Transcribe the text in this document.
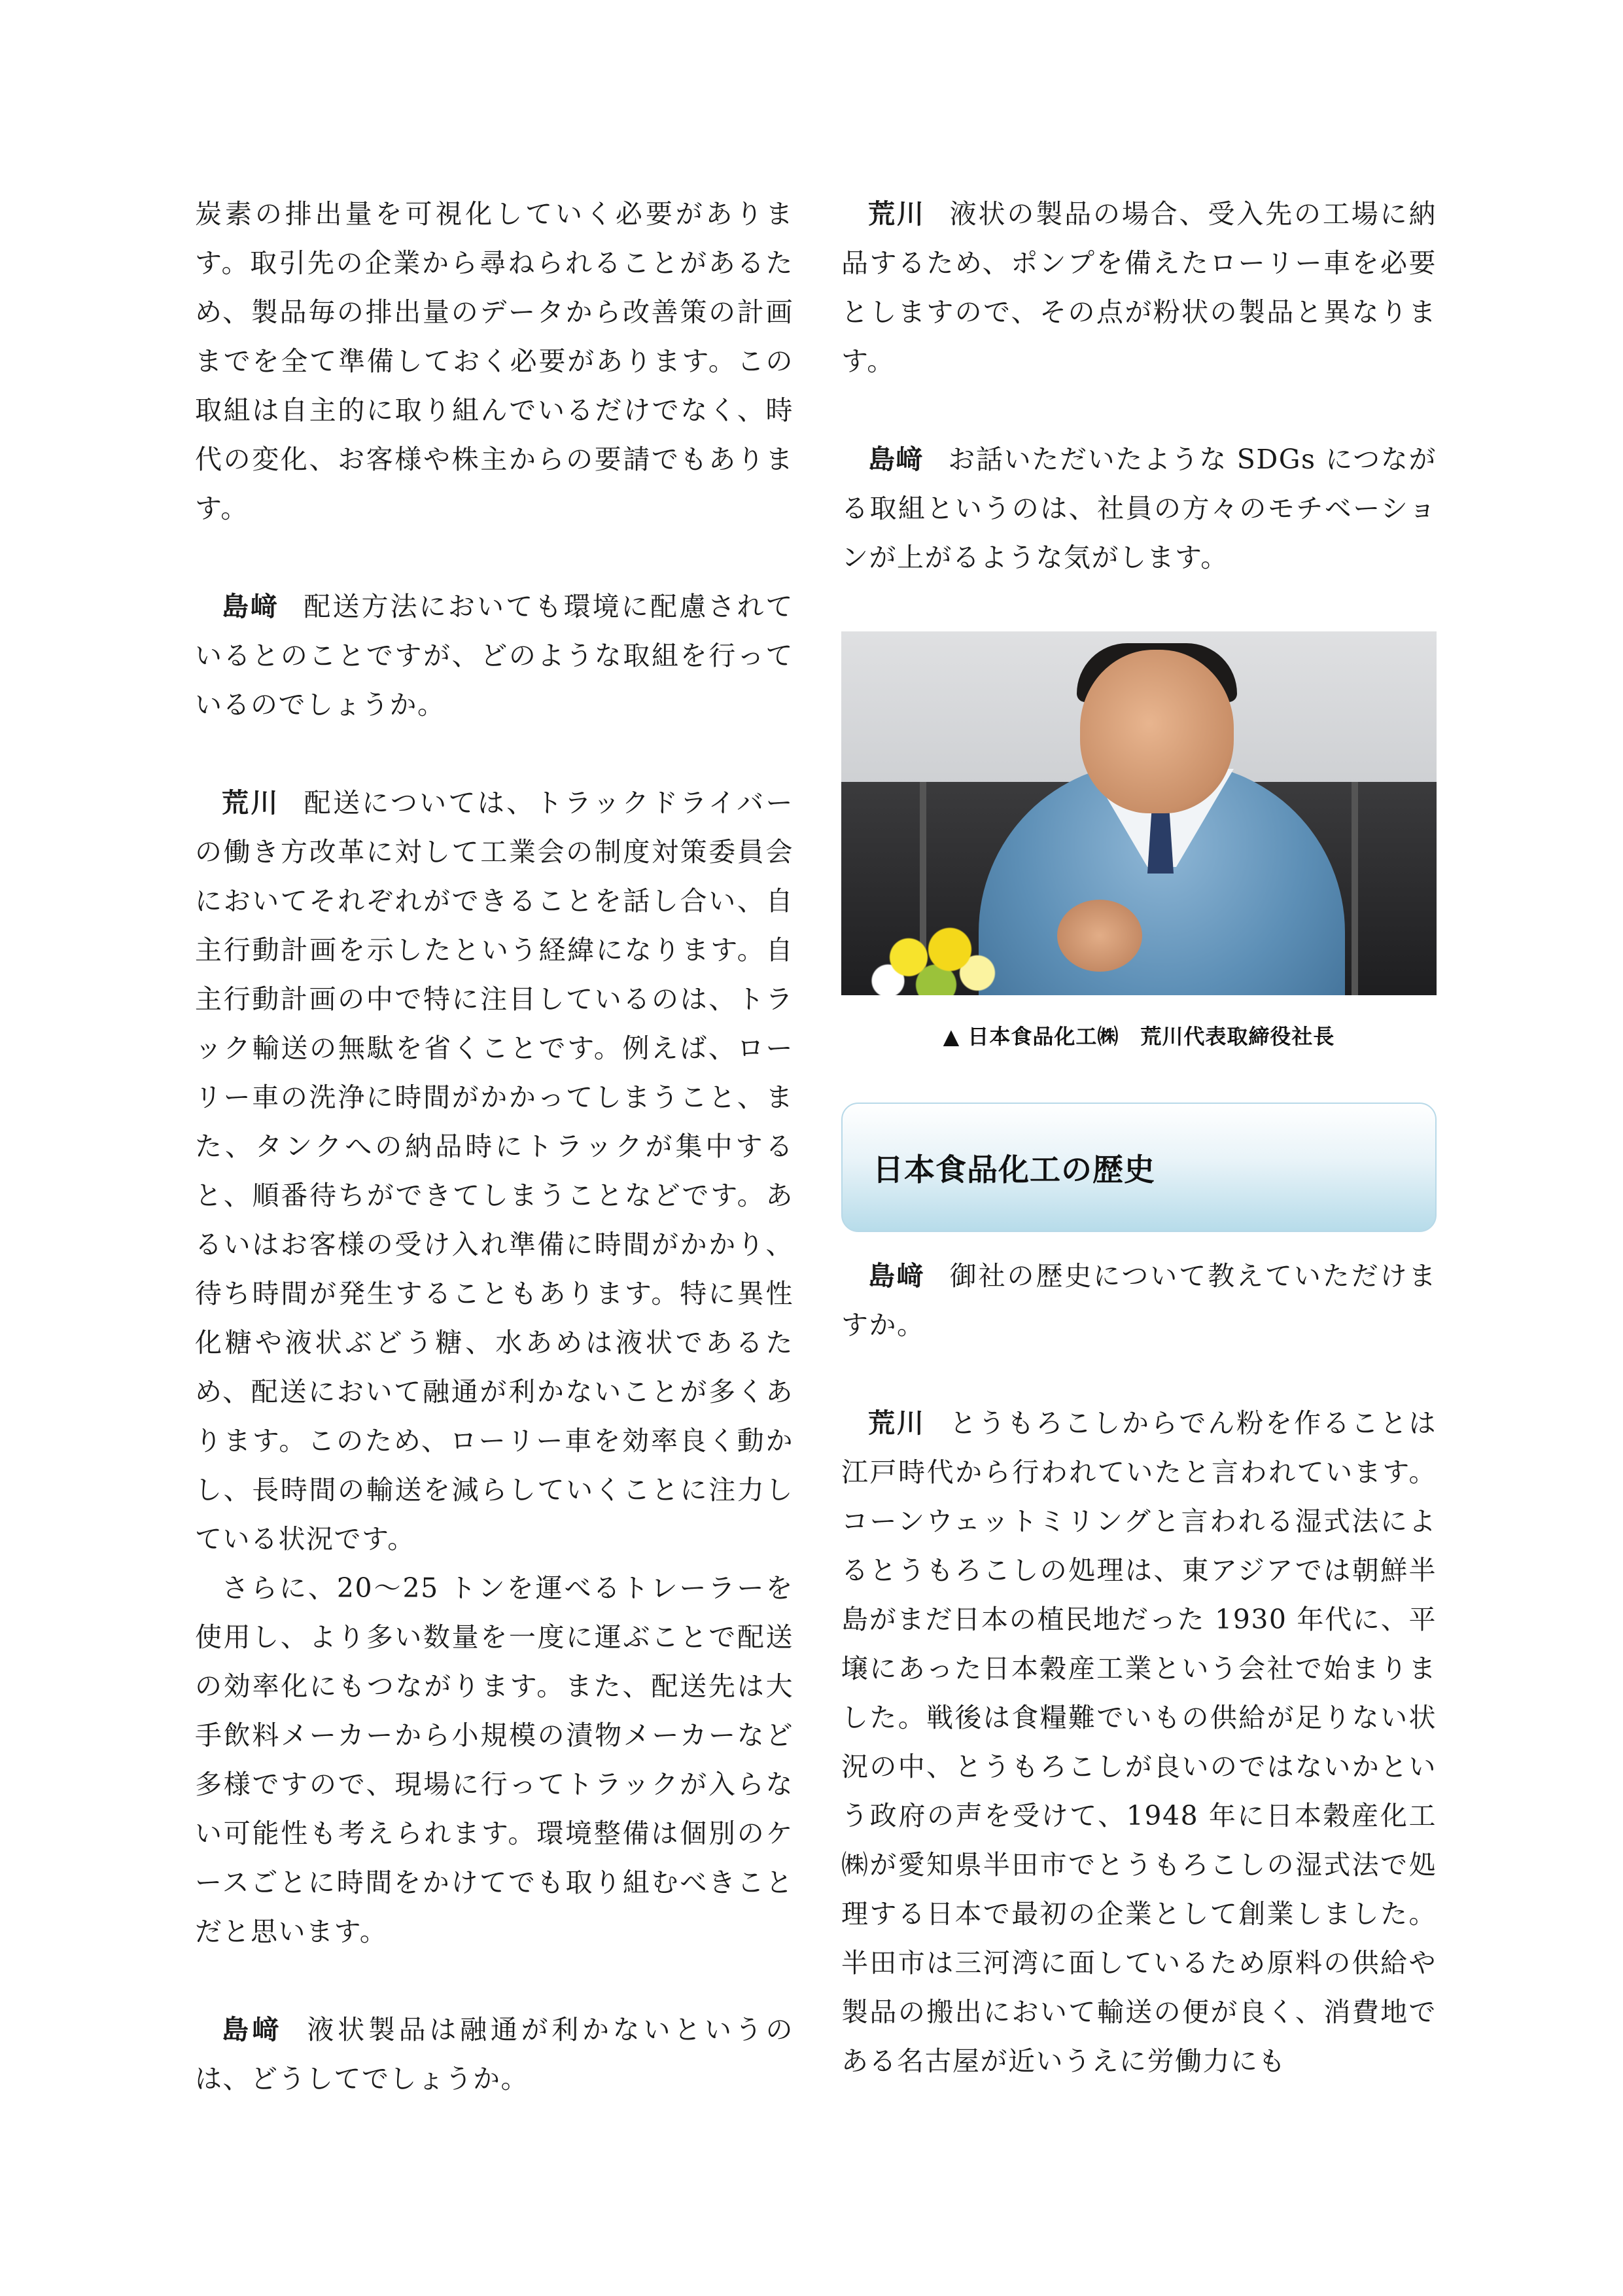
炭素の排出量を可視化していく必要があります。取引先の企業から尋ねられることがあるため、製品毎の排出量のデータから改善策の計画までを全て準備しておく必要があります。この取組は自主的に取り組んでいるだけでなく、時代の変化、お客様や株主からの要請でもあります。

島﨑 配送方法においても環境に配慮されているとのことですが、どのような取組を行っているのでしょうか。

荒川 配送については、トラックドライバーの働き方改革に対して工業会の制度対策委員会においてそれぞれができることを話し合い、自主行動計画を示したという経緯になります。自主行動計画の中で特に注目しているのは、トラック輸送の無駄を省くことです。例えば、ローリー車の洗浄に時間がかかってしまうこと、また、タンクへの納品時にトラックが集中すると、順番待ちができてしまうことなどです。あるいはお客様の受け入れ準備に時間がかかり、待ち時間が発生することもあります。特に異性化糖や液状ぶどう糖、水あめは液状であるため、配送において融通が利かないことが多くあります。このため、ローリー車を効率良く動かし、長時間の輸送を減らしていくことに注力している状況です。

さらに、20〜25 トンを運べるトレーラーを使用し、より多い数量を一度に運ぶことで配送の効率化にもつながります。また、配送先は大手飲料メーカーから小規模の漬物メーカーなど多様ですので、現場に行ってトラックが入らない可能性も考えられます。環境整備は個別のケースごとに時間をかけてでも取り組むべきことだと思います。

島﨑 液状製品は融通が利かないというのは、どうしてでしょうか。

荒川 液状の製品の場合、受入先の工場に納品するため、ポンプを備えたローリー車を必要としますので、その点が粉状の製品と異なります。

島﨑 お話いただいたような SDGs につながる取組というのは、社員の方々のモチベーションが上がるような気がします。

▲ 日本食品化工㈱　荒川代表取締役社長
日本食品化工の歴史

島﨑 御社の歴史について教えていただけますか。

荒川 とうもろこしからでん粉を作ることは江戸時代から行われていたと言われています。コーンウェットミリングと言われる湿式法によるとうもろこしの処理は、東アジアでは朝鮮半島がまだ日本の植民地だった 1930 年代に、平壌にあった日本穀産工業という会社で始まりました。戦後は食糧難でいもの供給が足りない状況の中、とうもろこしが良いのではないかという政府の声を受けて、1948 年に日本穀産化工㈱が愛知県半田市でとうもろこしの湿式法で処理する日本で最初の企業として創業しました。半田市は三河湾に面しているため原料の供給や製品の搬出において輸送の便が良く、消費地である名古屋が近いうえに労働力にも
